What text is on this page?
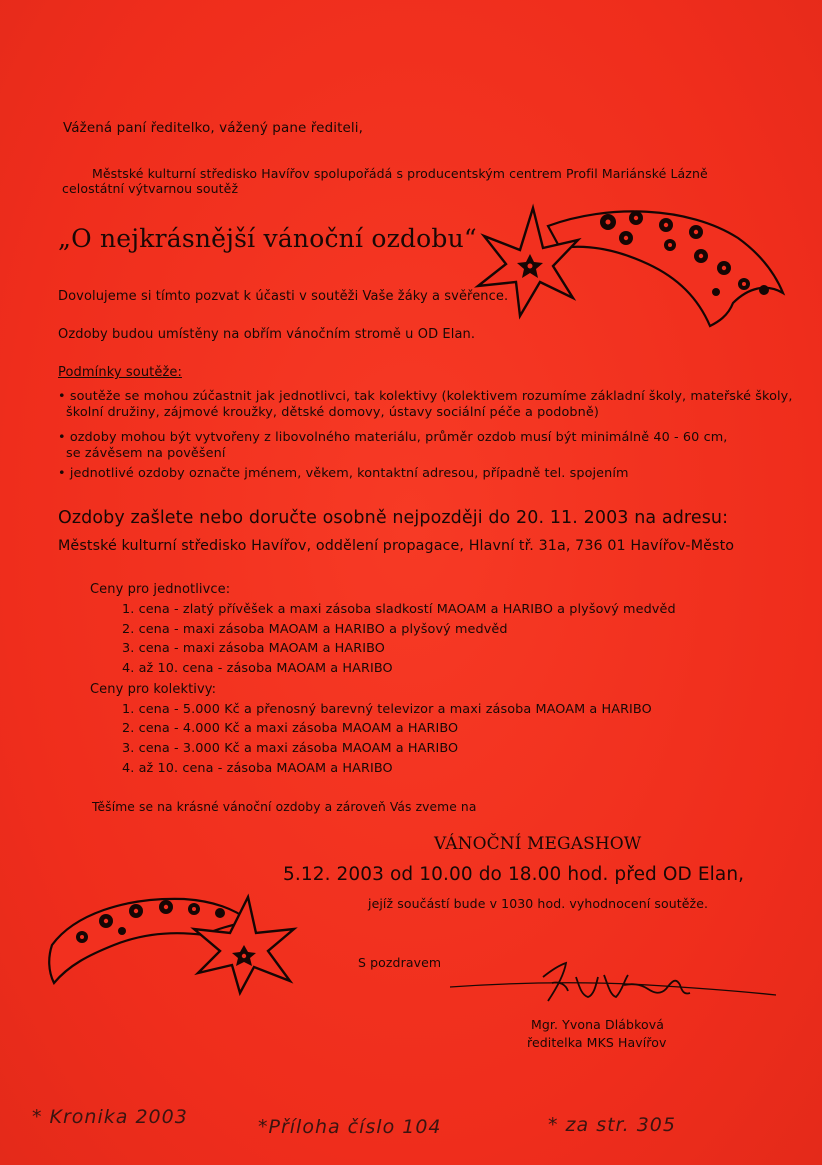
Vážená paní ředitelko, vážený pane řediteli,
Městské kulturní středisko Havířov spolupořádá s producentským centrem Profil Mariánské Lázně
celostátní výtvarnou soutěž
„O nejkrásnější vánoční ozdobu“
Dovolujeme si tímto pozvat k účasti v soutěži Vaše žáky a svěřence.
Ozdoby budou umístěny na obřím vánočním stromě u OD Elan.
Podmínky soutěže:
• soutěže se mohou zúčastnit jak jednotlivci, tak kolektivy (kolektivem rozumíme základní školy, mateřské školy,
školní družiny, zájmové kroužky, dětské domovy, ústavy sociální péče a podobně)
• ozdoby mohou být vytvořeny z libovolného materiálu, průměr ozdob musí být minimálně 40 - 60 cm,
se závěsem na pověšení
• jednotlivé ozdoby označte jménem, věkem, kontaktní adresou, případně tel. spojením
Ozdoby zašlete nebo doručte osobně nejpozději do 20. 11. 2003 na adresu:
Městské kulturní středisko Havířov, oddělení propagace, Hlavní tř. 31a, 736 01 Havířov-Město
Ceny pro jednotlivce:
1. cena - zlatý přívěšek a maxi zásoba sladkostí MAOAM a HARIBO a plyšový medvěd
2. cena - maxi zásoba MAOAM a HARIBO a plyšový medvěd
3. cena - maxi zásoba MAOAM a HARIBO
4. až 10. cena - zásoba MAOAM a HARIBO
Ceny pro kolektivy:
1. cena - 5.000 Kč a přenosný barevný televizor a maxi zásoba MAOAM a HARIBO
2. cena - 4.000 Kč a maxi zásoba MAOAM a HARIBO
3. cena - 3.000 Kč a maxi zásoba MAOAM a HARIBO
4. až 10. cena - zásoba MAOAM a HARIBO
Těšíme se na krásné vánoční ozdoby a zároveň Vás zveme na
VÁNOČNÍ MEGASHOW
5.12. 2003 od 10.00 do 18.00 hod. před OD Elan,
jejíž součástí bude v 1030 hod. vyhodnocení soutěže.
S pozdravem
Mgr. Yvona Dlábková
ředitelka MKS Havířov
* Kronika 2003	*Příloha číslo 104	* za str. 305
